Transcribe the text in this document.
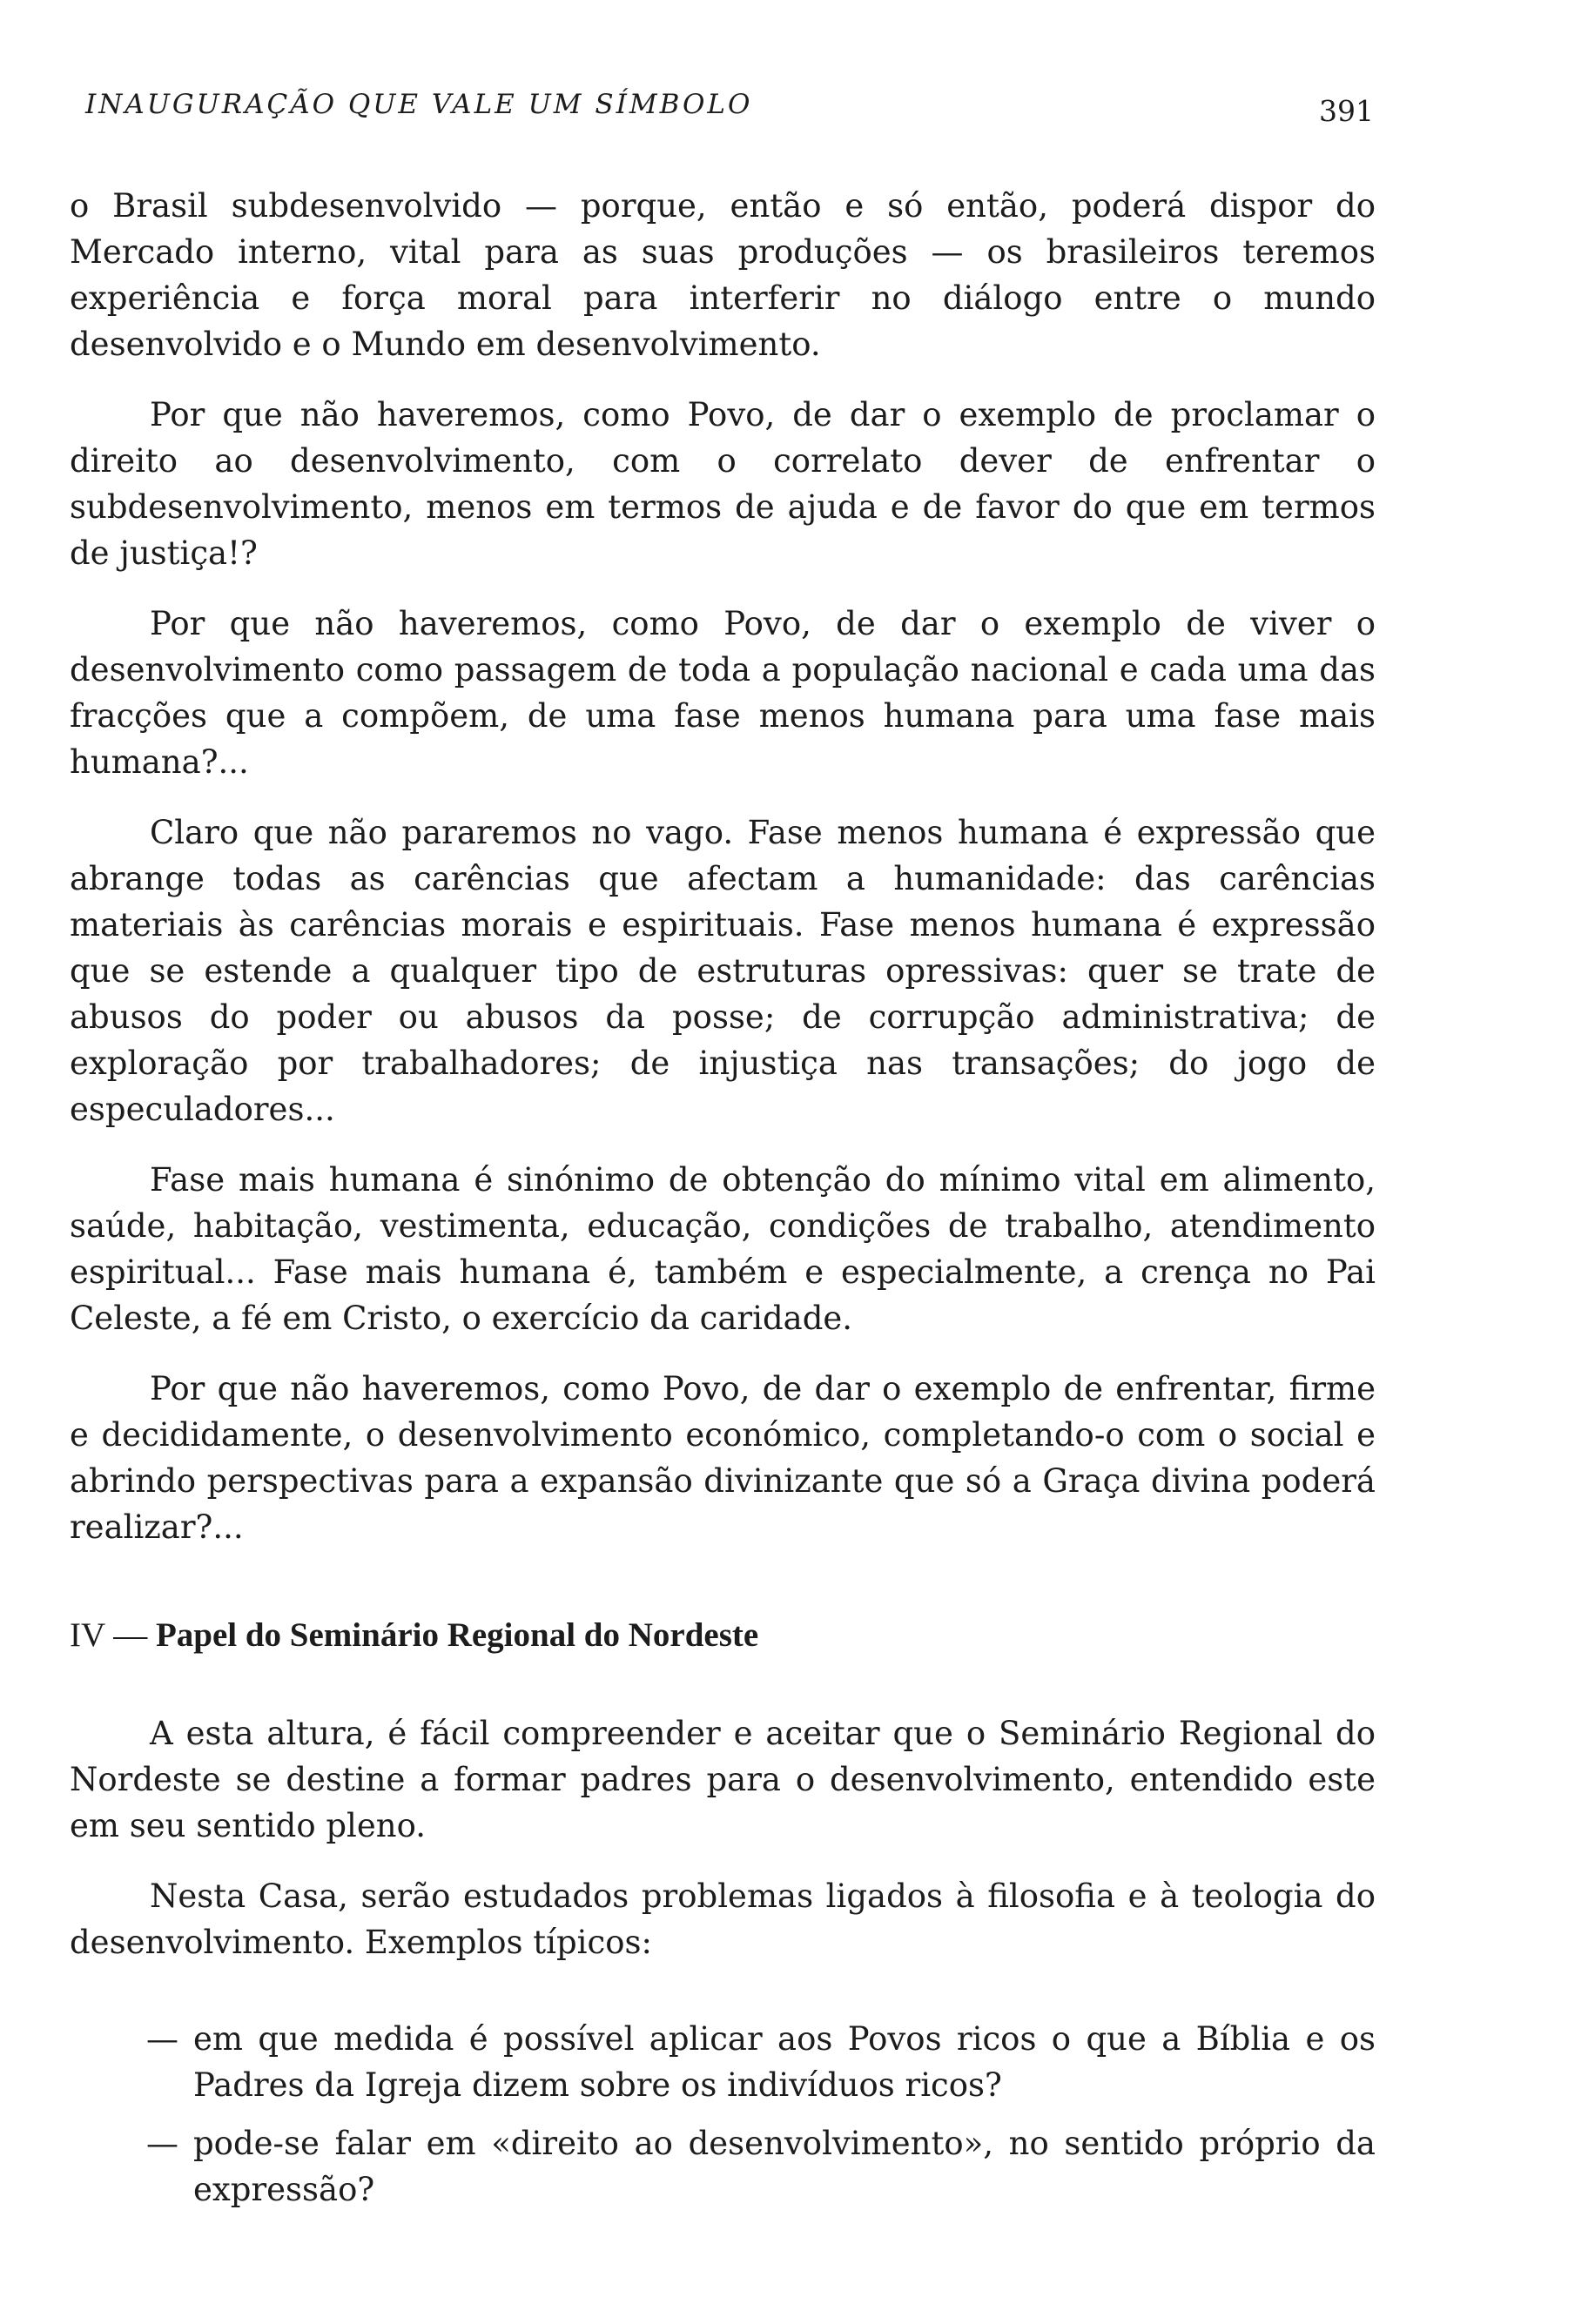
INAUGURAÇÃO QUE VALE UM SÍMBOLO	391

o Brasil subdesenvolvido — porque, então e só então, poderá dispor do Mercado interno, vital para as suas produções — os brasileiros teremos experiência e força moral para interferir no diálogo entre o mundo desenvolvido e o Mundo em desenvolvimento.

Por que não haveremos, como Povo, de dar o exemplo de proclamar o direito ao desenvolvimento, com o correlato dever de enfrentar o subdesenvolvimento, menos em termos de ajuda e de favor do que em termos de justiça!?

Por que não haveremos, como Povo, de dar o exemplo de viver o desenvolvimento como passagem de toda a população nacional e cada uma das fracções que a compõem, de uma fase menos humana para uma fase mais humana?...

Claro que não pararemos no vago. Fase menos humana é expressão que abrange todas as carências que afectam a humanidade: das carências materiais às carências morais e espirituais. Fase menos humana é expressão que se estende a qualquer tipo de estruturas opressivas: quer se trate de abusos do poder ou abusos da posse; de corrupção administrativa; de exploração por trabalhadores; de injustiça nas transações; do jogo de especuladores...

Fase mais humana é sinónimo de obtenção do mínimo vital em alimento, saúde, habitação, vestimenta, educação, condições de trabalho, atendimento espiritual... Fase mais humana é, também e especialmente, a crença no Pai Celeste, a fé em Cristo, o exercício da caridade.

Por que não haveremos, como Povo, de dar o exemplo de enfrentar, firme e decididamente, o desenvolvimento económico, completando-o com o social e abrindo perspectivas para a expansão divinizante que só a Graça divina poderá realizar?...

IV — Papel do Seminário Regional do Nordeste

A esta altura, é fácil compreender e aceitar que o Seminário Regional do Nordeste se destine a formar padres para o desenvolvimento, entendido este em seu sentido pleno.

Nesta Casa, serão estudados problemas ligados à filosofia e à teologia do desenvolvimento. Exemplos típicos:

— em que medida é possível aplicar aos Povos ricos o que a Bíblia e os Padres da Igreja dizem sobre os indivíduos ricos?
— pode-se falar em «direito ao desenvolvimento», no sentido próprio da expressão?
